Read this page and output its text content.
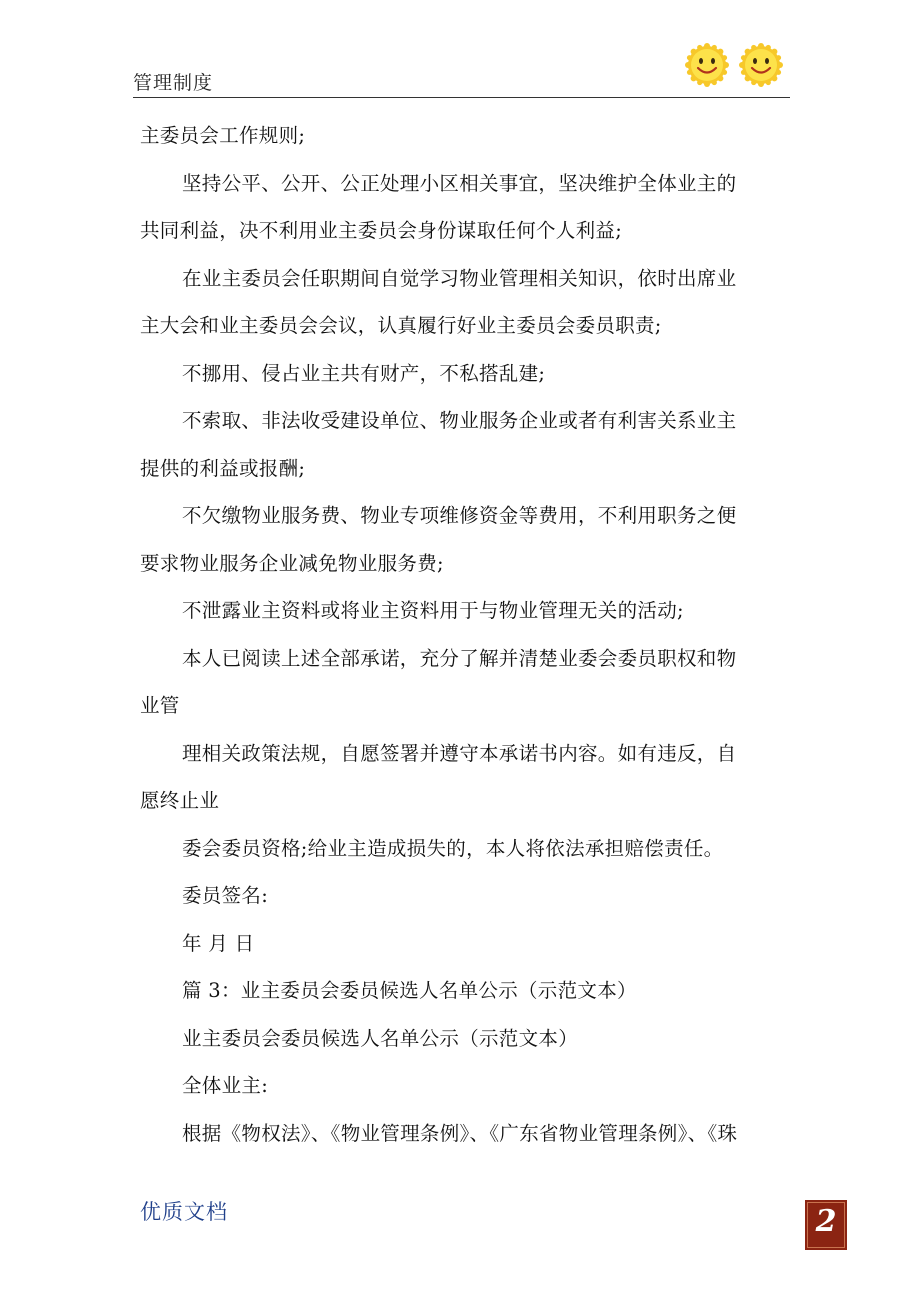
管理制度
主委员会工作规则;
坚持公平、公开、公正处理小区相关事宜，坚决维护全体业主的
共同利益，决不利用业主委员会身份谋取任何个人利益;
在业主委员会任职期间自觉学习物业管理相关知识，依时出席业
主大会和业主委员会会议，认真履行好业主委员会委员职责;
不挪用、侵占业主共有财产，不私搭乱建;
不索取、非法收受建设单位、物业服务企业或者有利害关系业主
提供的利益或报酬;
不欠缴物业服务费、物业专项维修资金等费用，不利用职务之便
要求物业服务企业减免物业服务费;
不泄露业主资料或将业主资料用于与物业管理无关的活动;
本人已阅读上述全部承诺，充分了解并清楚业委会委员职权和物
业管
理相关政策法规，自愿签署并遵守本承诺书内容。如有违反，自
愿终止业
委会委员资格;给业主造成损失的，本人将依法承担赔偿责任。
委员签名:
年 月 日
篇 3：业主委员会委员候选人名单公示（示范文本）
业主委员会委员候选人名单公示（示范文本）
全体业主:
根据《物权法》、《物业管理条例》、《广东省物业管理条例》、《珠
优质文档	2
